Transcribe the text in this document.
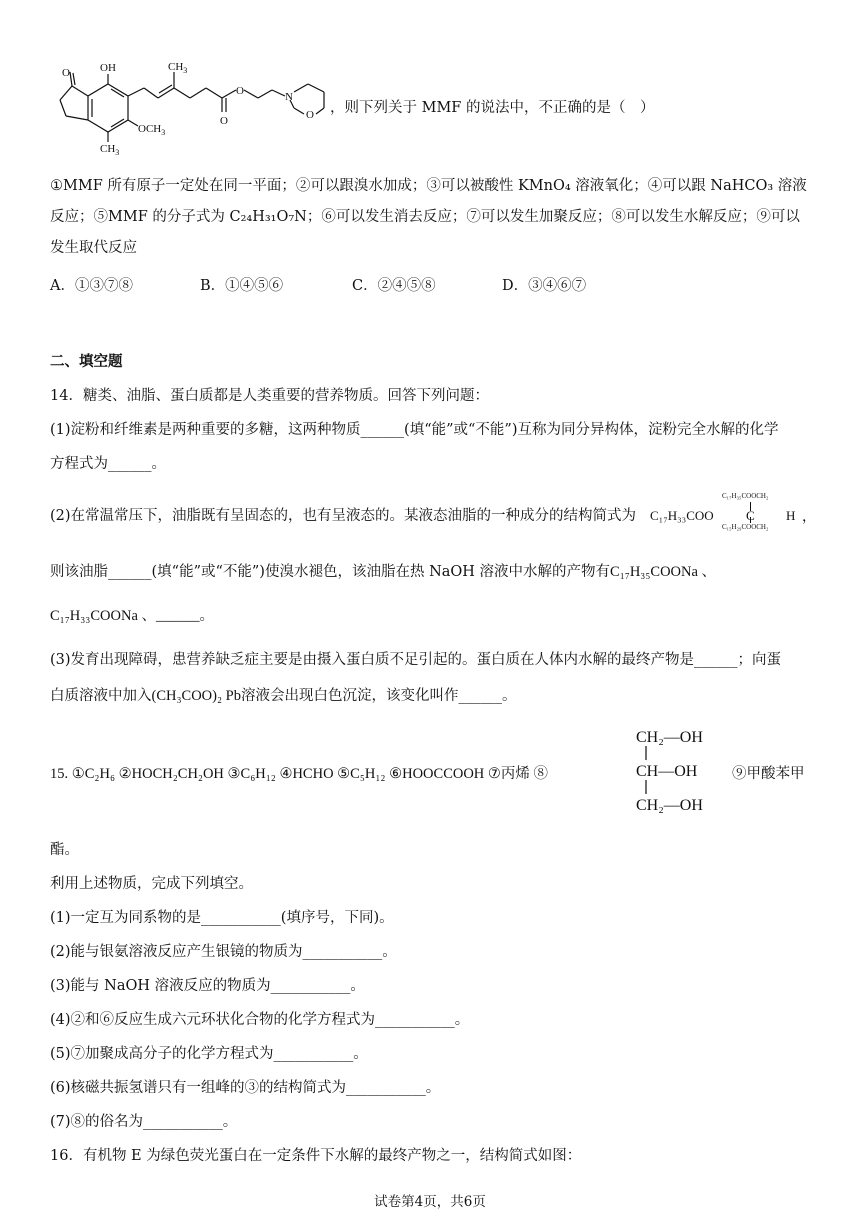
O	OH	$CH_3$
$OCH_3$
$CH_3$
O
O	N
O ，则下列关于 MMF 的说法中，不正确的是（　）
①MMF 所有原子一定处在同一平面；②可以跟溴水加成；③可以被酸性 KMnO₄ 溶液氧化；④可以跟 NaHCO₃ 溶液
反应；⑤MMF 的分子式为 C₂₄H₃₁O₇N；⑥可以发生消去反应；⑦可以发生加聚反应；⑧可以发生水解反应；⑨可以
发生取代反应
A．①③⑦⑧	B．①④⑤⑥	C．②④⑤⑧	D．③④⑥⑦
二、填空题
14．糖类、油脂、蛋白质都是人类重要的营养物质。回答下列问题：
(1)淀粉和纤维素是两种重要的多糖，这两种物质______(填“能”或“不能”)互称为同分异构体，淀粉完全水解的化学
方程式为______。
(2)在常温常压下，油脂既有呈固态的，也有呈液态的。某液态油脂的一种成分的结构简式为
C₁₇H₃₅COOCH₂
C₁₅H₂₉COOCH₂
C₁₇H₃₃COO C H ，
则该油脂______(填“能”或“不能”)使溴水褪色，该油脂在热 NaOH 溶液中水解的产物有C₁₇H₃₅COONa 、
C₁₇H₃₃COONa 、______。
(3)发育出现障碍，患营养缺乏症主要是由摄入蛋白质不足引起的。蛋白质在人体内水解的最终产物是______；向蛋
白质溶液中加入(CH₃COO)₂ Pb溶液会出现白色沉淀，该变化叫作______。
15. ①C₂H₆ ②HOCH₂CH₂OH ③C₆H₁₂ ④HCHO ⑤C₅H₁₂ ⑥HOOCCOOH ⑦丙烯 ⑧
CH₂—OH
CH—OH
CH₂—OH
⑨甲酸苯甲
酯。
利用上述物质，完成下列填空。
(1)一定互为同系物的是___________(填序号，下同)。
(2)能与银氨溶液反应产生银镜的物质为___________。
(3)能与 NaOH 溶液反应的物质为___________。
(4)②和⑥反应生成六元环状化合物的化学方程式为___________。
(5)⑦加聚成高分子的化学方程式为___________。
(6)核磁共振氢谱只有一组峰的③的结构简式为___________。
(7)⑧的俗名为___________。
16．有机物 E 为绿色荧光蛋白在一定条件下水解的最终产物之一，结构简式如图：
试卷第4页，共6页
